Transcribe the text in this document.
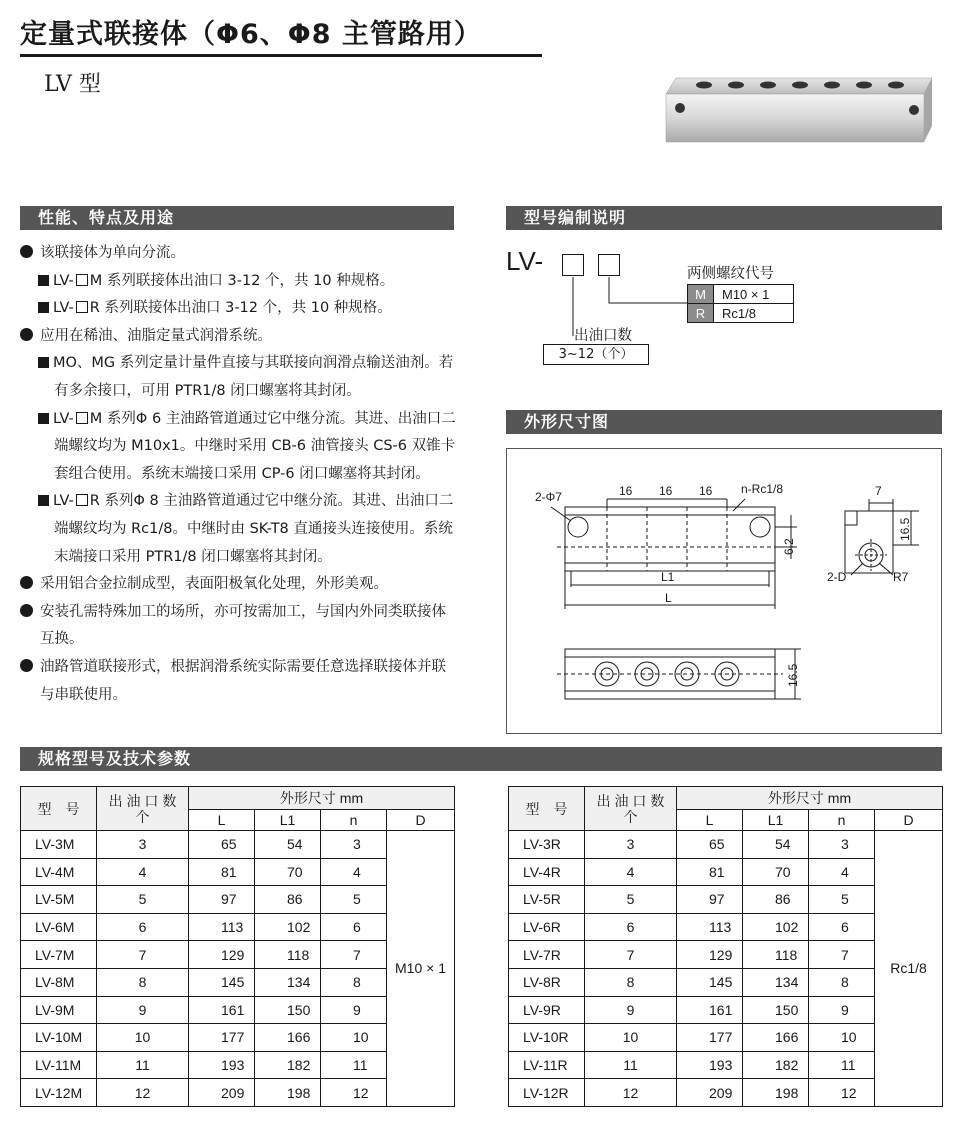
定量式联接体（Φ6、Φ8 主管路用）
LV 型
性能、特点及用途	型号编制说明
外形尺寸图
规格型号及技术参数
该联接体为单向分流。
LV- M 系列联接体出油口 3-12 个，共 10 种规格。
LV- R 系列联接体出油口 3-12 个，共 10 种规格。
应用在稀油、油脂定量式润滑系统。
MO、MG 系列定量计量件直接与其联接向润滑点输送油剂。若有多余接口，可用 PTR1/8 闭口螺塞将其封闭。
LV- M 系列Φ 6 主油路管道通过它中继分流。其进、出油口二端螺纹均为 M10x1。中继时采用 CB-6 油管接头 CS-6 双锥卡套组合使用。系统末端接口采用 CP-6 闭口螺塞将其封闭。
LV- R 系列Φ 8 主油路管道通过它中继分流。其进、出油口二端螺纹均为 Rc1/8。中继时由 SK-T8 直通接头连接使用。系统末端接口采用 PTR1/8 闭口螺塞将其封闭。
采用铝合金拉制成型，表面阳极氧化处理，外形美观。
安装孔需特殊加工的场所，亦可按需加工，与国内外同类联接体互换。
油路管道联接形式，根据润滑系统实际需要任意选择联接体并联与串联使用。
LV-	两侧螺纹代号
M	M10 × 1
R	Rc1/8
出油口数
3~12（个）
16 16 16
2-Φ7
n-Rc1/8
6.2
L1
L
7
16.5
2-D	R7
16.5
型　号	出 油 口 数
个	外形尺寸 mm			
		L	L1	n	D
LV-3M	3	65	54	3	M10 × 1
LV-4M	4	81	70	4	
LV-5M	5	97	86	5	
LV-6M	6	113	102	6	
LV-7M	7	129	118	7	
LV-8M	8	145	134	8	
LV-9M	9	161	150	9	
LV-10M	10	177	166	10	
LV-11M	11	193	182	11	
LV-12M	12	209	198	12	
型　号	出 油 口 数
个	外形尺寸 mm			
		L	L1	n	D
LV-3R	3	65	54	3	Rc1/8
LV-4R	4	81	70	4	
LV-5R	5	97	86	5	
LV-6R	6	113	102	6	
LV-7R	7	129	118	7	
LV-8R	8	145	134	8	
LV-9R	9	161	150	9	
LV-10R	10	177	166	10	
LV-11R	11	193	182	11	
LV-12R	12	209	198	12	
